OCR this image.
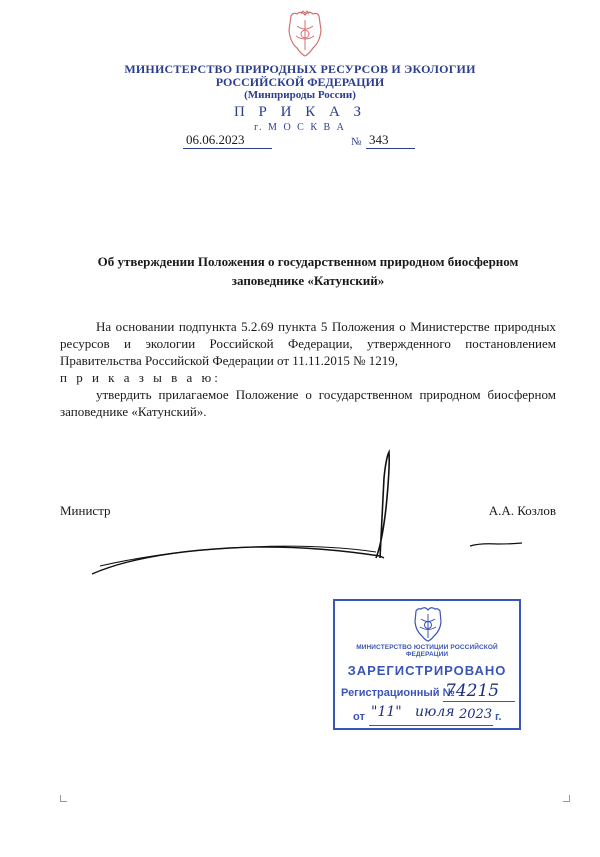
МИНИСТЕРСТВО ПРИРОДНЫХ РЕСУРСОВ И ЭКОЛОГИИ
РОССИЙСКОЙ ФЕДЕРАЦИИ
(Минприроды России)
П Р И К А З
г. М О С К В А
06.06.2023	№ 343
Об утверждении Положения о государственном природном биосферном заповеднике «Катунский»
На основании подпункта 5.2.69 пункта 5 Положения о Министерстве природных ресурсов и экологии Российской Федерации, утвержденного постановлением Правительства Российской Федерации от 11.11.2015 № 1219,
п р и к а з ы в а ю:
утвердить прилагаемое Положение о государственном природном биосферном заповеднике «Катунский».
Министр	А.А. Козлов
МИНИСТЕРСТВО ЮСТИЦИИ РОССИЙСКОЙ ФЕДЕРАЦИИ
ЗАРЕГИСТРИРОВАНО
Регистрационный №
74215
от "11" июля 2023 г.
